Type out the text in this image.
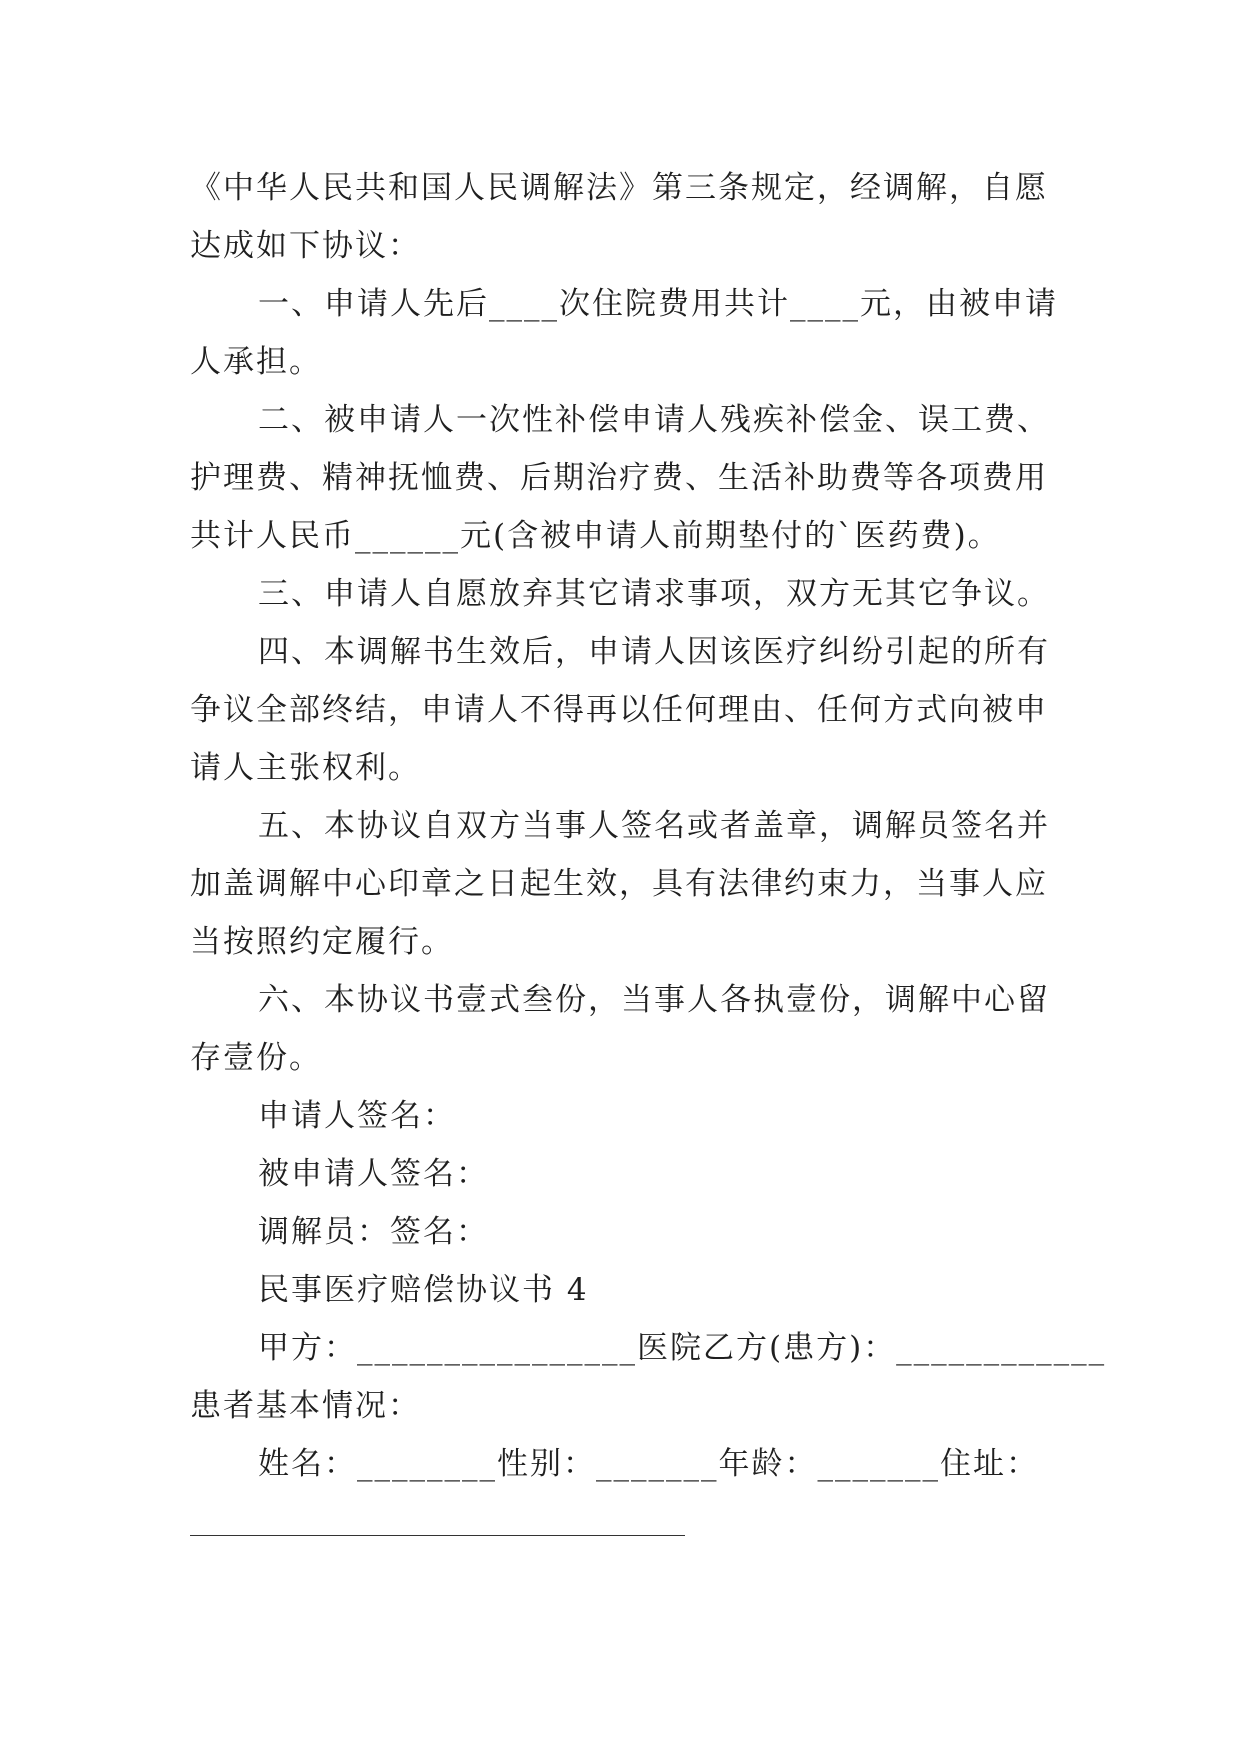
《中华人民共和国人民调解法》第三条规定，经调解，自愿
达成如下协议：
一、申请人先后____次住院费用共计____元，由被申请
人承担。
二、被申请人一次性补偿申请人残疾补偿金、误工费、
护理费、精神抚恤费、后期治疗费、生活补助费等各项费用
共计人民币______元(含被申请人前期垫付的`医药费)。
三、申请人自愿放弃其它请求事项，双方无其它争议。
四、本调解书生效后，申请人因该医疗纠纷引起的所有
争议全部终结，申请人不得再以任何理由、任何方式向被申
请人主张权利。
五、本协议自双方当事人签名或者盖章，调解员签名并
加盖调解中心印章之日起生效，具有法律约束力，当事人应
当按照约定履行。
六、本协议书壹式叁份，当事人各执壹份，调解中心留
存壹份。
申请人签名：
被申请人签名：
调解员：签名：
民事医疗赔偿协议书 4
甲方：________________医院乙方(患方)：____________
患者基本情况：
姓名：________性别：_______年龄：_______住址：
